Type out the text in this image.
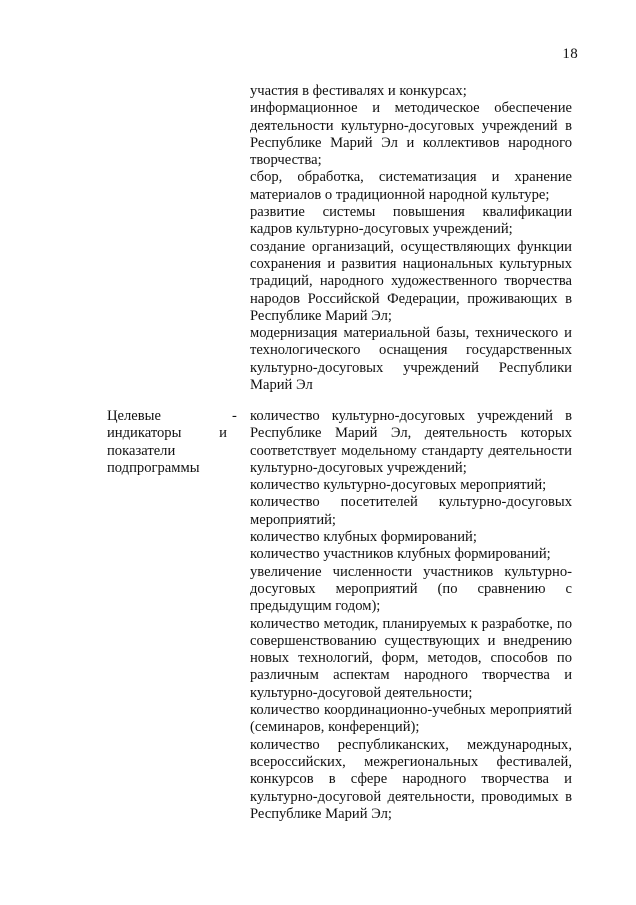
18

участия в фестивалях и конкурсах;

информационное и методическое обеспечение деятельности культурно-досуговых учреждений в Республике Марий Эл и коллективов народного творчества;

сбор, обработка, систематизация и хранение материалов о традиционной народной культуре;

развитие системы повышения квалификации кадров культурно-досуговых учреждений;

создание организаций, осуществляющих функции сохранения и развития национальных культурных традиций, народного художественного творчества народов Российской Федерации, проживающих в Республике Марий Эл;

модернизация материальной базы, технического и технологического оснащения государственных культурно-досуговых учреждений Республики Марий Эл

Целевые индикаторы и показатели подпрограммы

- количество культурно-досуговых учреждений в Республике Марий Эл, деятельность которых соответствует модельному стандарту деятельности культурно-досуговых учреждений;

количество культурно-досуговых мероприятий;

количество посетителей культурно-досуговых мероприятий;

количество клубных формирований;

количество участников клубных формирований;

увеличение численности участников культурно-досуговых мероприятий (по сравнению с предыдущим годом);

количество методик, планируемых к разработке, по совершенствованию существующих и внедрению новых технологий, форм, методов, способов по различным аспектам народного творчества и культурно-досуговой деятельности;

количество координационно-учебных мероприятий (семинаров, конференций);

количество республиканских, международных, всероссийских, межрегиональных фестивалей, конкурсов в сфере народного творчества и культурно-досуговой деятельности, проводимых в Республике Марий Эл;
